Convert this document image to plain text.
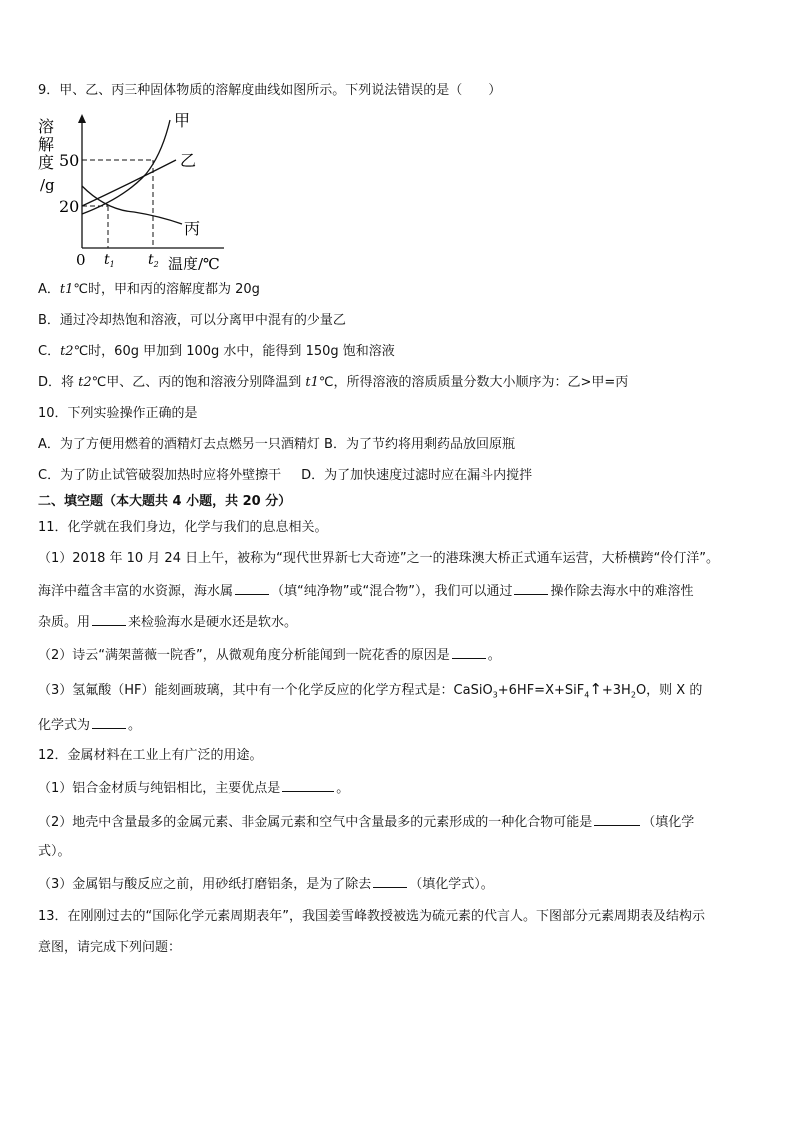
9．甲、乙、丙三种固体物质的溶解度曲线如图所示。下列说法错误的是（　　）
溶
解
度
/g
50
20
0 $t_1$ $t_2$ 温度/℃
甲
乙
丙
A．t1℃时，甲和丙的溶解度都为 20g
B．通过冷却热饱和溶液，可以分离甲中混有的少量乙
C．t2℃时，60g 甲加到 100g 水中，能得到 150g 饱和溶液
D．将 t2℃甲、乙、丙的饱和溶液分别降温到 t1℃，所得溶液的溶质质量分数大小顺序为：乙>甲=丙
10．下列实验操作正确的是
A．为了方便用燃着的酒精灯去点燃另一只酒精灯 B．为了节约将用剩药品放回原瓶
C．为了防止试管破裂加热时应将外壁擦干 D．为了加快速度过滤时应在漏斗内搅拌
二、填空题（本大题共 4 小题，共 20 分）
11．化学就在我们身边，化学与我们的息息相关。
（1）2018 年 10 月 24 日上午，被称为“现代世界新七大奇迹”之一的港珠澳大桥正式通车运营，大桥横跨“伶仃洋”。
海洋中蕴含丰富的水资源，海水属	（填“纯净物”或“混合物”），我们可以通过	操作除去海水中的难溶性
杂质。用	来检验海水是硬水还是软水。
（2）诗云“满架蔷薇一院香”，从微观角度分析能闻到一院花香的原因是	。
（3）氢氟酸（HF）能刻画玻璃，其中有一个化学反应的化学方程式是：$CaSiO_3+6HF=X+SiF_4↑+3H_2O$，则 X 的
化学式为	。
12．金属材料在工业上有广泛的用途。
（1）铝合金材质与纯铝相比，主要优点是	。
（2）地壳中含量最多的金属元素、非金属元素和空气中含量最多的元素形成的一种化合物可能是	（填化学
式）。
（3）金属铝与酸反应之前，用砂纸打磨铝条，是为了除去	（填化学式）。
13．在刚刚过去的“国际化学元素周期表年”，我国姜雪峰教授被选为硫元素的代言人。下图部分元素周期表及结构示
意图，请完成下列问题：
